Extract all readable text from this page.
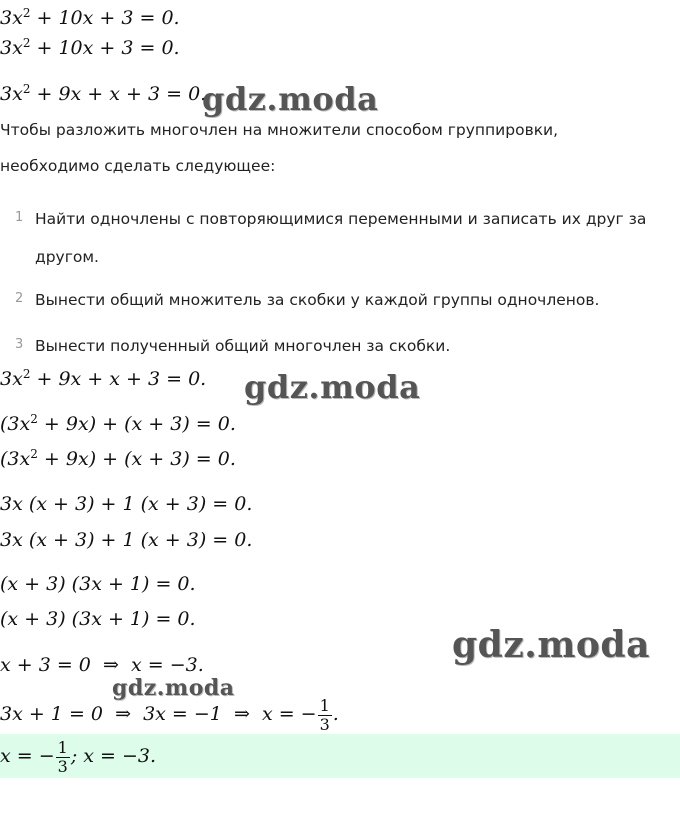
$3x^2 + 10x + 3 = 0$.
$3x^2 + 10x + 3 = 0$.
$3x^2 + 9x + x + 3 = 0$.
gdz.moda
Чтобы разложить многочлен на множители способом группировки,
необходимо сделать следующее:
1 Найти одночлены с повторяющимися переменными и записать их друг за
другом.
2 Вынести общий множитель за скобки у каждой группы одночленов.
3 Вынести полученный общий многочлен за скобки.
$3x^2 + 9x + x + 3 = 0$. gdz.moda
$(3x^2 + 9x) + (x + 3) = 0$.
$(3x^2 + 9x) + (x + 3) = 0$.
3x (x + 3) + 1 (x + 3) = 0.
3x (x + 3) + 1 (x + 3) = 0.
(x + 3) (3x + 1) = 0.
(x + 3) (3x + 1) = 0.
gdz.moda
x + 3 = 0  ⇒  x = −3.
gdz.moda
3x + 1 = 0  ⇒  3x = −1  ⇒  x = − $\frac{1}{3}$ .
x = − $\frac{1}{3}$ ; x = −3.
